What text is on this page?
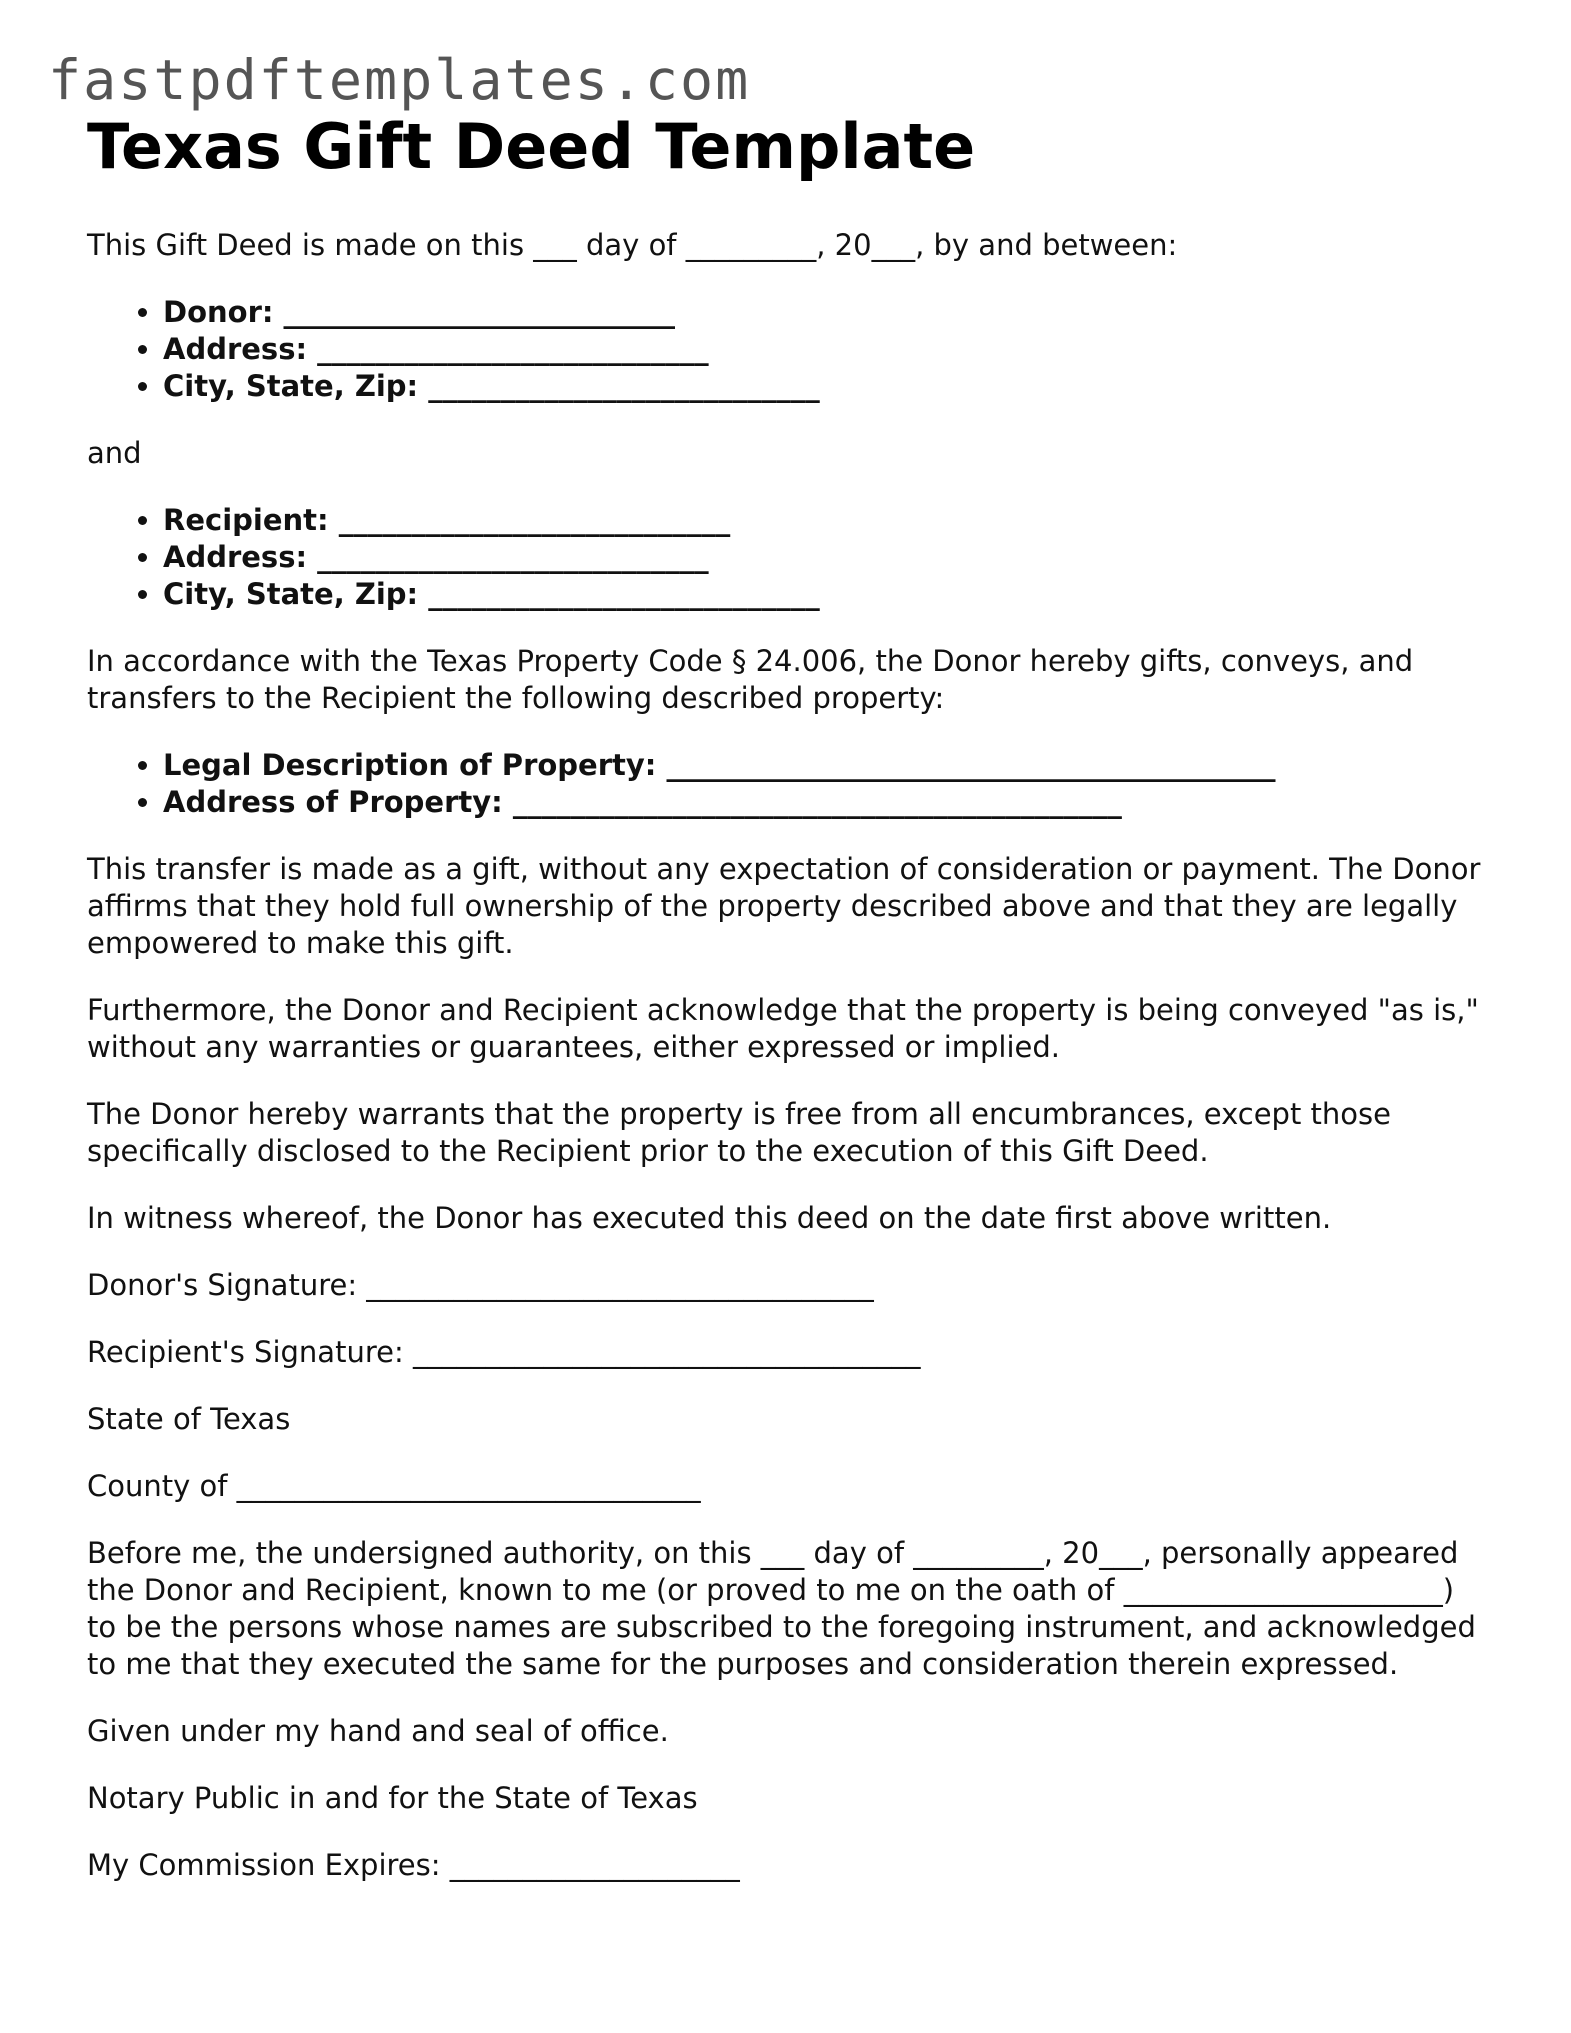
fastpdftemplates.com
Texas Gift Deed Template

This Gift Deed is made on this ___ day of _________, 20___, by and between:

• Donor: ___________________________
• Address: ___________________________
• City, State, Zip: ___________________________

and

• Recipient: ___________________________
• Address: ___________________________
• City, State, Zip: ___________________________

In accordance with the Texas Property Code § 24.006, the Donor hereby gifts, conveys, and transfers to the Recipient the following described property:

• Legal Description of Property: __________________________________________
• Address of Property: __________________________________________

This transfer is made as a gift, without any expectation of consideration or payment. The Donor affirms that they hold full ownership of the property described above and that they are legally empowered to make this gift.

Furthermore, the Donor and Recipient acknowledge that the property is being conveyed "as is," without any warranties or guarantees, either expressed or implied.

The Donor hereby warrants that the property is free from all encumbrances, except those specifically disclosed to the Recipient prior to the execution of this Gift Deed.

In witness whereof, the Donor has executed this deed on the date first above written.

Donor's Signature: ___________________________________

Recipient's Signature: ___________________________________

State of Texas

County of ________________________________

Before me, the undersigned authority, on this ___ day of _________, 20___, personally appeared the Donor and Recipient, known to me (or proved to me on the oath of ______________________) to be the persons whose names are subscribed to the foregoing instrument, and acknowledged to me that they executed the same for the purposes and consideration therein expressed.

Given under my hand and seal of office.

Notary Public in and for the State of Texas

My Commission Expires: ____________________
